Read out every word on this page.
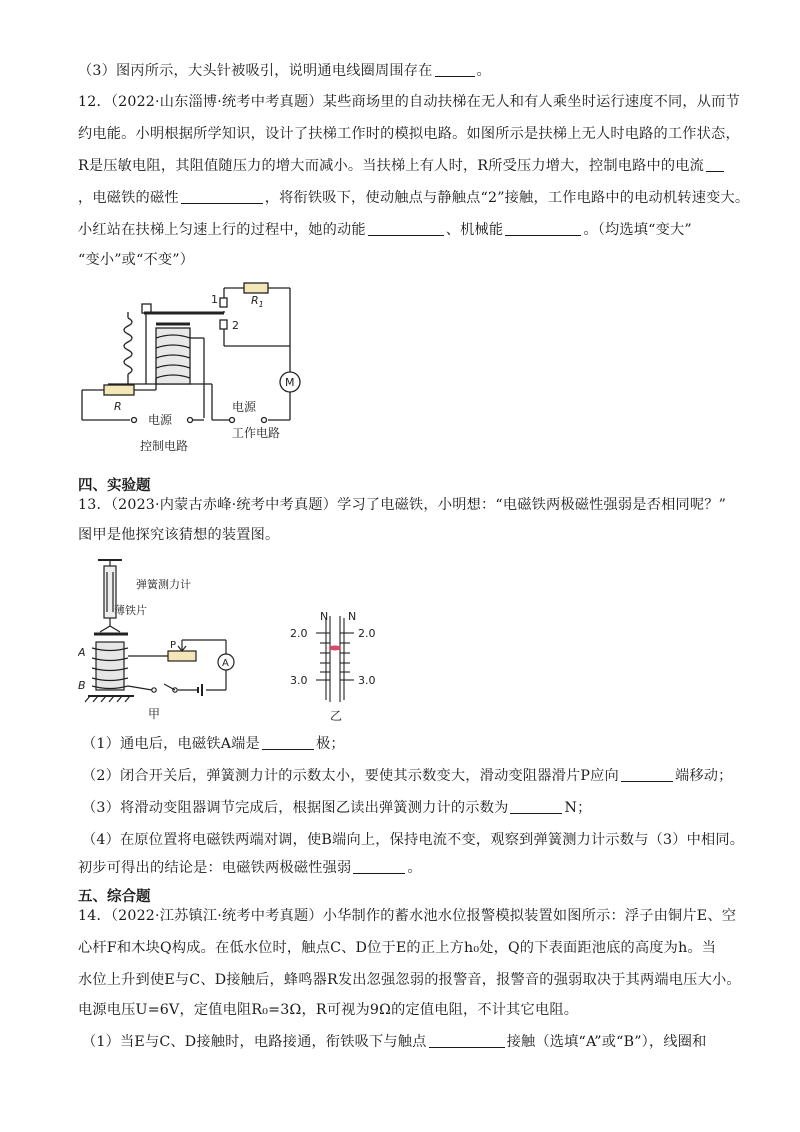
（3）图丙所示，大头针被吸引，说明通电线圈周围存在	。
12．（2022·山东淄博·统考中考真题）某些商场里的自动扶梯在无人和有人乘坐时运行速度不同，从而节
约电能。小明根据所学知识，设计了扶梯工作时的模拟电路。如图所示是扶梯上无人时电路的工作状态，
R是压敏电阻，其阻值随压力的增大而减小。当扶梯上有人时，R所受压力增大，控制电路中的电流
，电磁铁的磁性	，将衔铁吸下，使动触点与静触点“2”接触，工作电路中的电动机转速变大。
小红站在扶梯上匀速上行的过程中，她的动能	、机械能	。（均选填“变大”
“变小”或“不变”）
1
2
$R_1$
M
R	电源
电源
控制电路
工作电路
四、实验题
13．（2023·内蒙古赤峰·统考中考真题）学习了电磁铁，小明想：“电磁铁两极磁性强弱是否相同呢？”
图甲是他探究该猜想的装置图。
弹簧测力计
薄铁片
P
A
B
A
甲
N N
2.0	2.0
3.0	3.0
乙
（1）通电后，电磁铁A端是	极；
（2）闭合开关后，弹簧测力计的示数太小，要使其示数变大，滑动变阻器滑片P应向	端移动；
（3）将滑动变阻器调节完成后，根据图乙读出弹簧测力计的示数为	N；
（4）在原位置将电磁铁两端对调，使B端向上，保持电流不变，观察到弹簧测力计示数与（3）中相同。
初步可得出的结论是：电磁铁两极磁性强弱	。
五、综合题
14．（2022·江苏镇江·统考中考真题）小华制作的蓄水池水位报警模拟装置如图所示：浮子由铜片E、空
心杆F和木块Q构成。在低水位时，触点C、D位于E的正上方h₀处，Q的下表面距池底的高度为h。当
水位上升到使E与C、D接触后，蜂鸣器R发出忽强忽弱的报警音，报警音的强弱取决于其两端电压大小。
电源电压U=6V，定值电阻R₀=3Ω，R可视为9Ω的定值电阻，不计其它电阻。
（1）当E与C、D接触时，电路接通，衔铁吸下与触点	接触（选填“A”或“B”），线圈和
